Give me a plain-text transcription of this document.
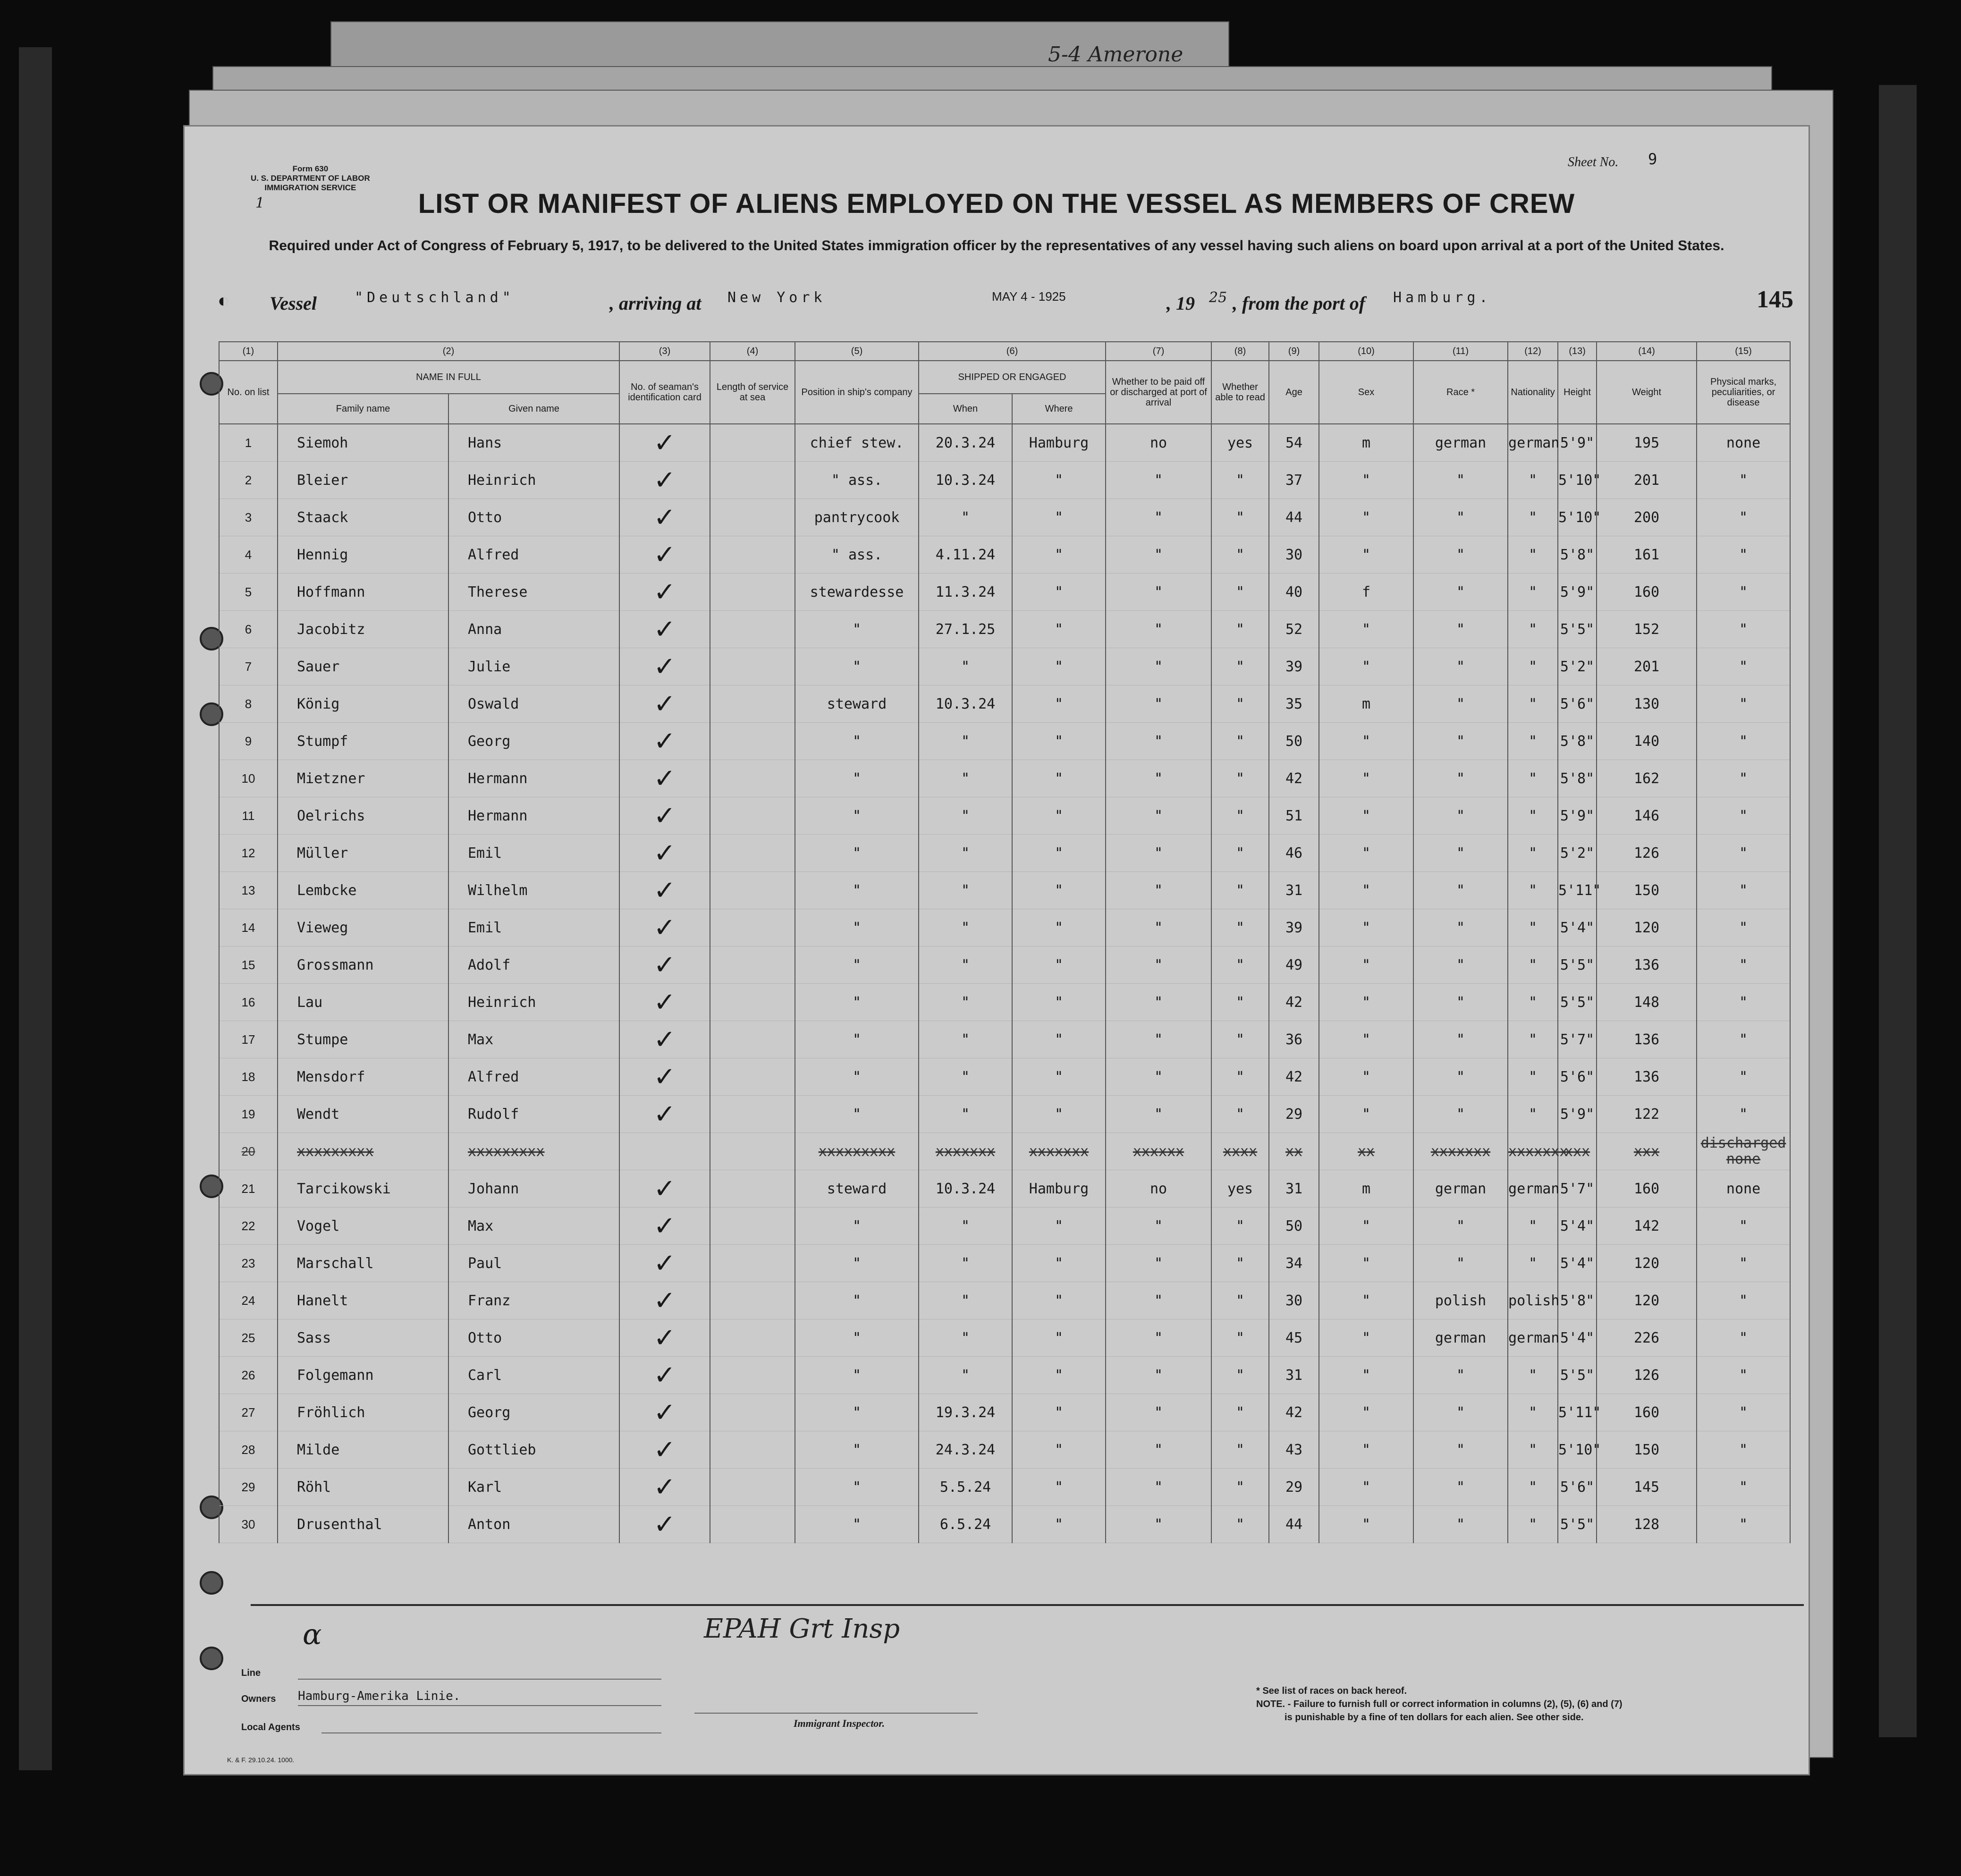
5-4 Amerone
Form 630
U. S. DEPARTMENT OF LABOR
IMMIGRATION SERVICE
1
Sheet No. 9
LIST OR MANIFEST OF ALIENS EMPLOYED ON THE VESSEL AS MEMBERS OF CREW
Required under Act of Congress of February 5, 1917, to be delivered to the United States immigration officer by the representatives of any vessel having such aliens on board upon arrival at a port of the United States.
◐ Vessel	"Deutschland"	, arriving at New York	MAY 4 - 1925	, 19 25 , from the port of Hamburg.	145
(1)	(2)		(3)	(4)	(5)	(6)		(7)	(8)	(9)	(10)	(11)	(12)	(13)	(14)	(15)
No. on list	NAME IN FULL		No. of seaman's identification card	Length of service at sea	Position in ship's company	SHIPPED OR ENGAGED		Whether to be paid off or discharged at port of arrival	Whether able to read	Age	Sex	Race *	Nationality	Height	Weight	Physical marks, peculiarities, or disease
	Family name	Given name				When	Where									
1	Siemoh	Hans	✓		chief stew.	20.3.24	Hamburg	no	yes	54	m	german	german	5'9"	195	none
2	Bleier	Heinrich	✓		" ass.	10.3.24	"	"	"	37	"	"	"	5'10"	201	"
3	Staack	Otto	✓		pantrycook	"	"	"	"	44	"	"	"	5'10"	200	"
4	Hennig	Alfred	✓		" ass.	4.11.24	"	"	"	30	"	"	"	5'8"	161	"
5	Hoffmann	Therese	✓		stewardesse	11.3.24	"	"	"	40	f	"	"	5'9"	160	"
6	Jacobitz	Anna	✓		"	27.1.25	"	"	"	52	"	"	"	5'5"	152	"
7	Sauer	Julie	✓		"	"	"	"	"	39	"	"	"	5'2"	201	"
8	König	Oswald	✓		steward	10.3.24	"	"	"	35	m	"	"	5'6"	130	"
9	Stumpf	Georg	✓		"	"	"	"	"	50	"	"	"	5'8"	140	"
10	Mietzner	Hermann	✓		"	"	"	"	"	42	"	"	"	5'8"	162	"
11	Oelrichs	Hermann	✓		"	"	"	"	"	51	"	"	"	5'9"	146	"
12	Müller	Emil	✓		"	"	"	"	"	46	"	"	"	5'2"	126	"
13	Lembcke	Wilhelm	✓		"	"	"	"	"	31	"	"	"	5'11"	150	"
14	Vieweg	Emil	✓		"	"	"	"	"	39	"	"	"	5'4"	120	"
15	Grossmann	Adolf	✓		"	"	"	"	"	49	"	"	"	5'5"	136	"
16	Lau	Heinrich	✓		"	"	"	"	"	42	"	"	"	5'5"	148	"
17	Stumpe	Max	✓		"	"	"	"	"	36	"	"	"	5'7"	136	"
18	Mensdorf	Alfred	✓		"	"	"	"	"	42	"	"	"	5'6"	136	"
19	Wendt	Rudolf	✓		"	"	"	"	"	29	"	"	"	5'9"	122	"
20	xxxxxxxxx	xxxxxxxxx			xxxxxxxxx	xxxxxxx	xxxxxxx	xxxxxx	xxxx	xx	xx	xxxxxxx	xxxxxxx	xxx	xxx	discharged
none

21	Tarcikowski	Johann	✓		steward	10.3.24	Hamburg	no	yes	31	m	german	german	5'7"	160	none
22	Vogel	Max	✓		"	"	"	"	"	50	"	"	"	5'4"	142	"
23	Marschall	Paul	✓		"	"	"	"	"	34	"	"	"	5'4"	120	"
24	Hanelt	Franz	✓		"	"	"	"	"	30	"	polish	polish	5'8"	120	"
25	Sass	Otto	✓		"	"	"	"	"	45	"	german	german	5'4"	226	"
26	Folgemann	Carl	✓		"	"	"	"	"	31	"	"	"	5'5"	126	"
27	Fröhlich	Georg	✓		"	19.3.24	"	"	"	42	"	"	"	5'11"	160	"
28	Milde	Gottlieb	✓		"	24.3.24	"	"	"	43	"	"	"	5'10"	150	"
29	Röhl	Karl	✓		"	5.5.24	"	"	"	29	"	"	"	5'6"	145	"
30	Drusenthal	Anton	✓		"	6.5.24	"	"	"	44	"	"	"	5'5"	128	"
EPAH Grt Insp
ɑ
Line
Owners Hamburg-Amerika Linie.
Local Agents	Immigrant Inspector.
* See list of races on back hereof.
NOTE. - Failure to furnish full or correct information in columns (2), (5), (6) and (7)
is punishable by a fine of ten dollars for each alien. See other side.
K. & F. 29.10.24. 1000.
